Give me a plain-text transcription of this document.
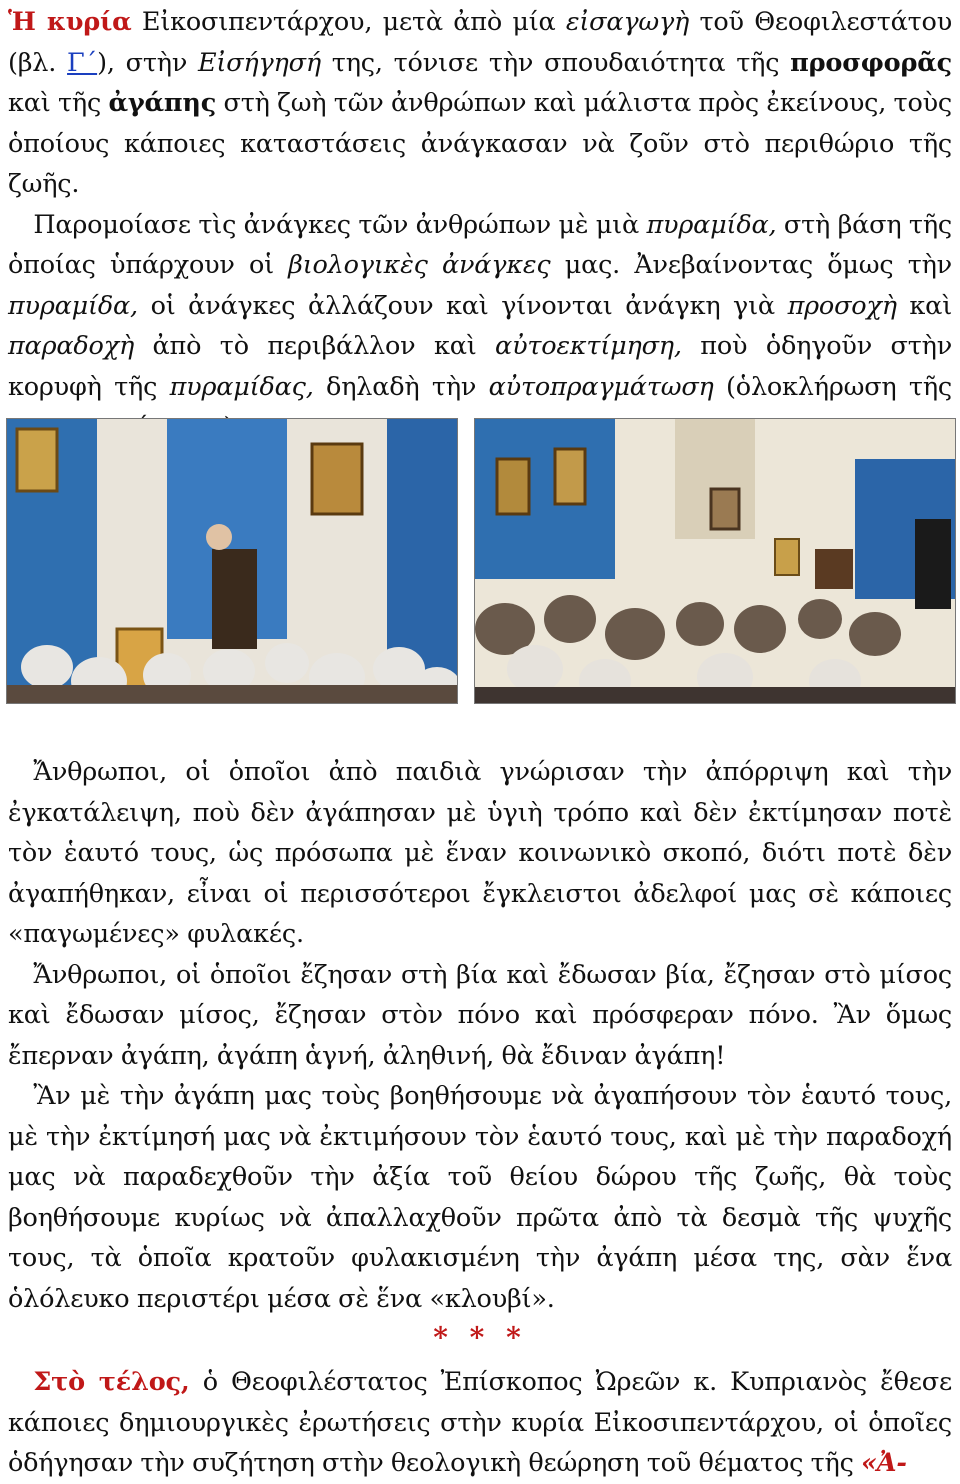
Ἡ κυρία Εἰκοσιπεντάρχου, μετὰ ἀπὸ μία εἰσαγωγὴ τοῦ Θεοφιλεστάτου (βλ. Γ΄), στὴν Εἰσήγησή της, τόνισε τὴν σπουδαιότητα τῆς προσφορᾶς καὶ τῆς ἀγάπης στὴ ζωὴ τῶν ἀνθρώπων καὶ μάλιστα πρὸς ἐκείνους, τοὺς ὁποίους κάποιες καταστάσεις ἀνάγκασαν νὰ ζοῦν στὸ περιθώριο τῆς ζωῆς.
 Παρομοίασε τὶς ἀνάγκες τῶν ἀνθρώπων μὲ μιὰ πυραμίδα, στὴ βάση τῆς ὁποίας ὑπάρχουν οἱ βιολογικὲς ἀνάγκες μας. Ἀνεβαίνοντας ὅμως τὴν πυραμίδα, οἱ ἀνάγκες ἀλλάζουν καὶ γίνονται ἀνάγκη γιὰ προσοχὴ καὶ παραδοχὴ ἀπὸ τὸ περιβάλλον καὶ αὐτοεκτίμηση, ποὺ ὁδηγοῦν στὴν κορυφὴ τῆς πυραμίδας, δηλαδὴ τὴν αὐτοπραγμάτωση (ὁλοκλήρωση τῆς

 Ἄνθρωποι, οἱ ὁποῖοι ἀπὸ παιδιὰ γνώρισαν τὴν ἀπόρριψη καὶ τὴν ἐγκατάλειψη, ποὺ δὲν ἀγάπησαν μὲ ὑγιὴ τρόπο καὶ δὲν ἐκτίμησαν ποτὲ τὸν ἑαυτό τους, ὡς πρόσωπα μὲ ἕναν κοινωνικὸ σκοπό, διότι ποτὲ δὲν ἀγαπήθηκαν, εἶναι οἱ περισσότεροι ἔγκλειστοι ἀδελφοί μας σὲ κάποιες «παγωμένες» φυλακές.
 Ἄνθρωποι, οἱ ὁποῖοι ἔζησαν στὴ βία καὶ ἔδωσαν βία, ἔζησαν στὸ μίσος καὶ ἔδωσαν μίσος, ἔζησαν στὸν πόνο καὶ πρόσφεραν πόνο. Ἂν ὅμως ἔπερναν ἀγάπη, ἀγάπη ἁγνή, ἀληθινή, θὰ ἔδιναν ἀγάπη!
 Ἂν μὲ τὴν ἀγάπη μας τοὺς βοηθήσουμε νὰ ἀγαπήσουν τὸν ἑαυτό τους, μὲ τὴν ἐκτίμησή μας νὰ ἐκτιμήσουν τὸν ἑαυτό τους, καὶ μὲ τὴν παραδοχή μας νὰ παραδεχθοῦν τὴν ἀξία τοῦ θείου δώρου τῆς ζωῆς, θὰ τοὺς βοηθήσουμε κυρίως νὰ ἀπαλλαχθοῦν πρῶτα ἀπὸ τὰ δεσμὰ τῆς ψυχῆς τους, τὰ ὁποῖα κρατοῦν φυλακισμένη τὴν ἀγάπη μέσα της, σὰν ἕνα ὁλόλευκο περιστέρι μέσα σὲ ἕνα «κλουβί».

* * *

 Στὸ τέλος, ὁ Θεοφιλέστατος Ἐπίσκοπος Ὠρεῶν κ. Κυπριανὸς ἔθεσε κάποιες δημιουργικὲς ἐρωτήσεις στὴν κυρία Εἰκοσιπεντάρχου, οἱ ὁποῖες ὁδήγησαν τὴν συζήτηση στὴν θεολογικὴ θεώρηση τοῦ θέματος τῆς «Ἀ-
